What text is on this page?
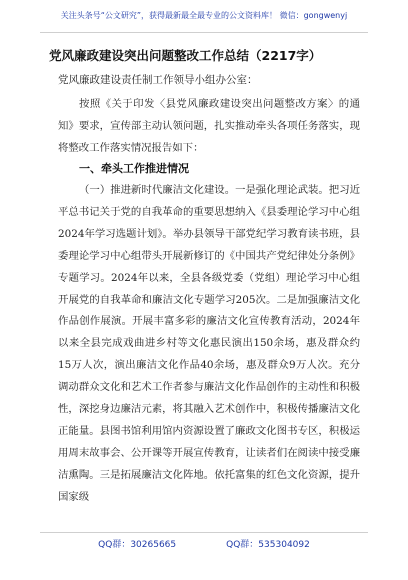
关注头条号“公文研究”，获得最新最全最专业的公文资料库！ 微信：gongwenyj
党风廉政建设突出问题整改工作总结（2217字）
党风廉政建设责任制工作领导小组办公室：

按照《关于印发〈县党风廉政建设突出问题整改方案〉的通知》要求，宣传部主动认领问题，扎实推动牵头各项任务落实，现将整改工作落实情况报告如下：

一、牵头工作推进情况

（一）推进新时代廉洁文化建设。一是强化理论武装。把习近平总书记关于党的自我革命的重要思想纳入《县委理论学习中心组2024年学习选题计划》。举办县领导干部党纪学习教育读书班，县委理论学习中心组带头开展新修订的《中国共产党纪律处分条例》专题学习。2024年以来，全县各级党委（党组）理论学习中心组开展党的自我革命和廉洁文化专题学习205次。二是加强廉洁文化作品创作展演。开展丰富多彩的廉洁文化宣传教育活动，2024年以来全县完成戏曲进乡村等文化惠民演出150余场，惠及群众约15万人次，演出廉洁文化作品40余场，惠及群众9万人次。充分调动群众文化和艺术工作者参与廉洁文化作品创作的主动性和积极性，深挖身边廉洁元素，将其融入艺术创作中，积极传播廉洁文化正能量。县图书馆利用馆内资源设置了廉政文化图书专区，积极运用周末故事会、公开课等开展宣传教育，让读者们在阅读中接受廉洁熏陶。三是拓展廉洁文化阵地。依托富集的红色文化资源，提升国家级

QQ群：30265665	QQ群：535304092
